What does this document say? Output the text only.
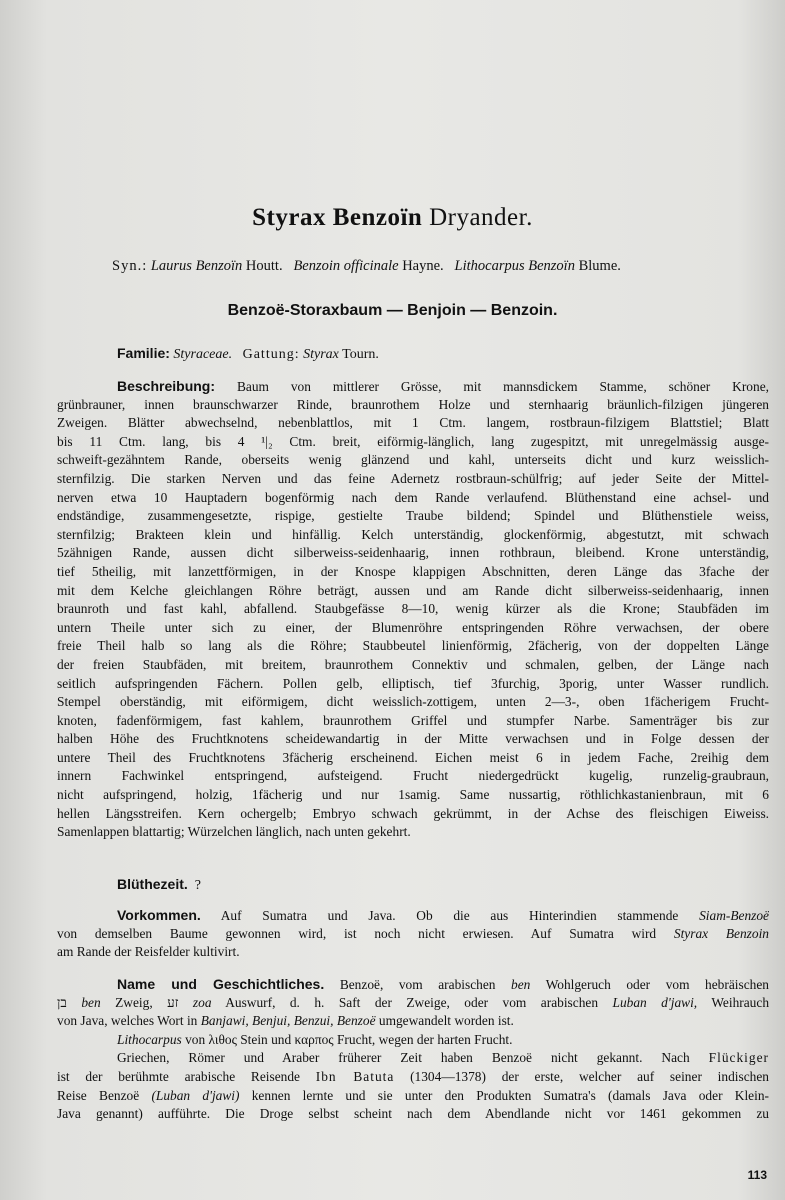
Styrax Benzoïn Dryander.
Syn.: Laurus Benzoïn Houtt. Benzoin officinale Hayne. Lithocarpus Benzoïn Blume.
Benzoë-Storaxbaum — Benjoin — Benzoin.
Familie: Styraceae. Gattung: Styrax Tourn.
Beschreibung: Baum von mittlerer Grösse, mit mannsdickem Stamme, schöner Krone,
grünbrauner, innen braunschwarzer Rinde, braunrothem Holze und sternhaarig bräunlich-filzigen jüngeren
Zweigen. Blätter abwechselnd, nebenblattlos, mit 1 Ctm. langem, rostbraun-filzigem Blattstiel; Blatt
bis 11 Ctm. lang, bis 4 ¹|₂ Ctm. breit, eiförmig-länglich, lang zugespitzt, mit unregelmässig ausge-
schweift-gezähntem Rande, oberseits wenig glänzend und kahl, unterseits dicht und kurz weisslich-
sternfilzig. Die starken Nerven und das feine Adernetz rostbraun-schülfrig; auf jeder Seite der Mittel-
nerven etwa 10 Hauptadern bogenförmig nach dem Rande verlaufend. Blüthenstand eine achsel- und
endständige, zusammengesetzte, rispige, gestielte Traube bildend; Spindel und Blüthenstiele weiss,
sternfilzig; Brakteen klein und hinfällig. Kelch unterständig, glockenförmig, abgestutzt, mit schwach
5zähnigen Rande, aussen dicht silberweiss-seidenhaarig, innen rothbraun, bleibend. Krone unterständig,
tief 5theilig, mit lanzettförmigen, in der Knospe klappigen Abschnitten, deren Länge das 3fache der
mit dem Kelche gleichlangen Röhre beträgt, aussen und am Rande dicht silberweiss-seidenhaarig, innen
braunroth und fast kahl, abfallend. Staubgefässe 8—10, wenig kürzer als die Krone; Staubfäden im
untern Theile unter sich zu einer, der Blumenröhre entspringenden Röhre verwachsen, der obere
freie Theil halb so lang als die Röhre; Staubbeutel linienförmig, 2fächerig, von der doppelten Länge
der freien Staubfäden, mit breitem, braunrothem Connektiv und schmalen, gelben, der Länge nach
seitlich aufspringenden Fächern. Pollen gelb, elliptisch, tief 3furchig, 3porig, unter Wasser rundlich.
Stempel oberständig, mit eiförmigem, dicht weisslich-zottigem, unten 2—3-, oben 1fächerigem Frucht-
knoten, fadenförmigem, fast kahlem, braunrothem Griffel und stumpfer Narbe. Samenträger bis zur
halben Höhe des Fruchtknotens scheidewandartig in der Mitte verwachsen und in Folge dessen der
untere Theil des Fruchtknotens 3fächerig erscheinend. Eichen meist 6 in jedem Fache, 2reihig dem
innern Fachwinkel entspringend, aufsteigend. Frucht niedergedrückt kugelig, runzelig-graubraun,
nicht aufspringend, holzig, 1fächerig und nur 1samig. Same nussartig, röthlichkastanienbraun, mit 6
hellen Längsstreifen. Kern ochergelb; Embryo schwach gekrümmt, in der Achse des fleischigen Eiweiss.
Samenlappen blattartig; Würzelchen länglich, nach unten gekehrt.
Blüthezeit. ?
Vorkommen. Auf Sumatra und Java. Ob die aus Hinterindien stammende Siam-Benzoë
von demselben Baume gewonnen wird, ist noch nicht erwiesen. Auf Sumatra wird Styrax Benzoin
am Rande der Reisfelder kultivirt.
Name und Geschichtliches. Benzoë, vom arabischen ben Wohlgeruch oder vom hebräischen
בן ben Zweig, זע zoa Auswurf, d. h. Saft der Zweige, oder vom arabischen Luban d'jawi, Weihrauch
von Java, welches Wort in Banjawi, Benjui, Benzui, Benzoë umgewandelt worden ist.
Lithocarpus von λιθος Stein und καρπος Frucht, wegen der harten Frucht.
Griechen, Römer und Araber früherer Zeit haben Benzoë nicht gekannt. Nach Flückiger
ist der berühmte arabische Reisende Ibn Batuta (1304—1378) der erste, welcher auf seiner indischen
Reise Benzoë (Luban d'jawi) kennen lernte und sie unter den Produkten Sumatra's (damals Java oder Klein-
Java genannt) aufführte. Die Droge selbst scheint nach dem Abendlande nicht vor 1461 gekommen zu
113
